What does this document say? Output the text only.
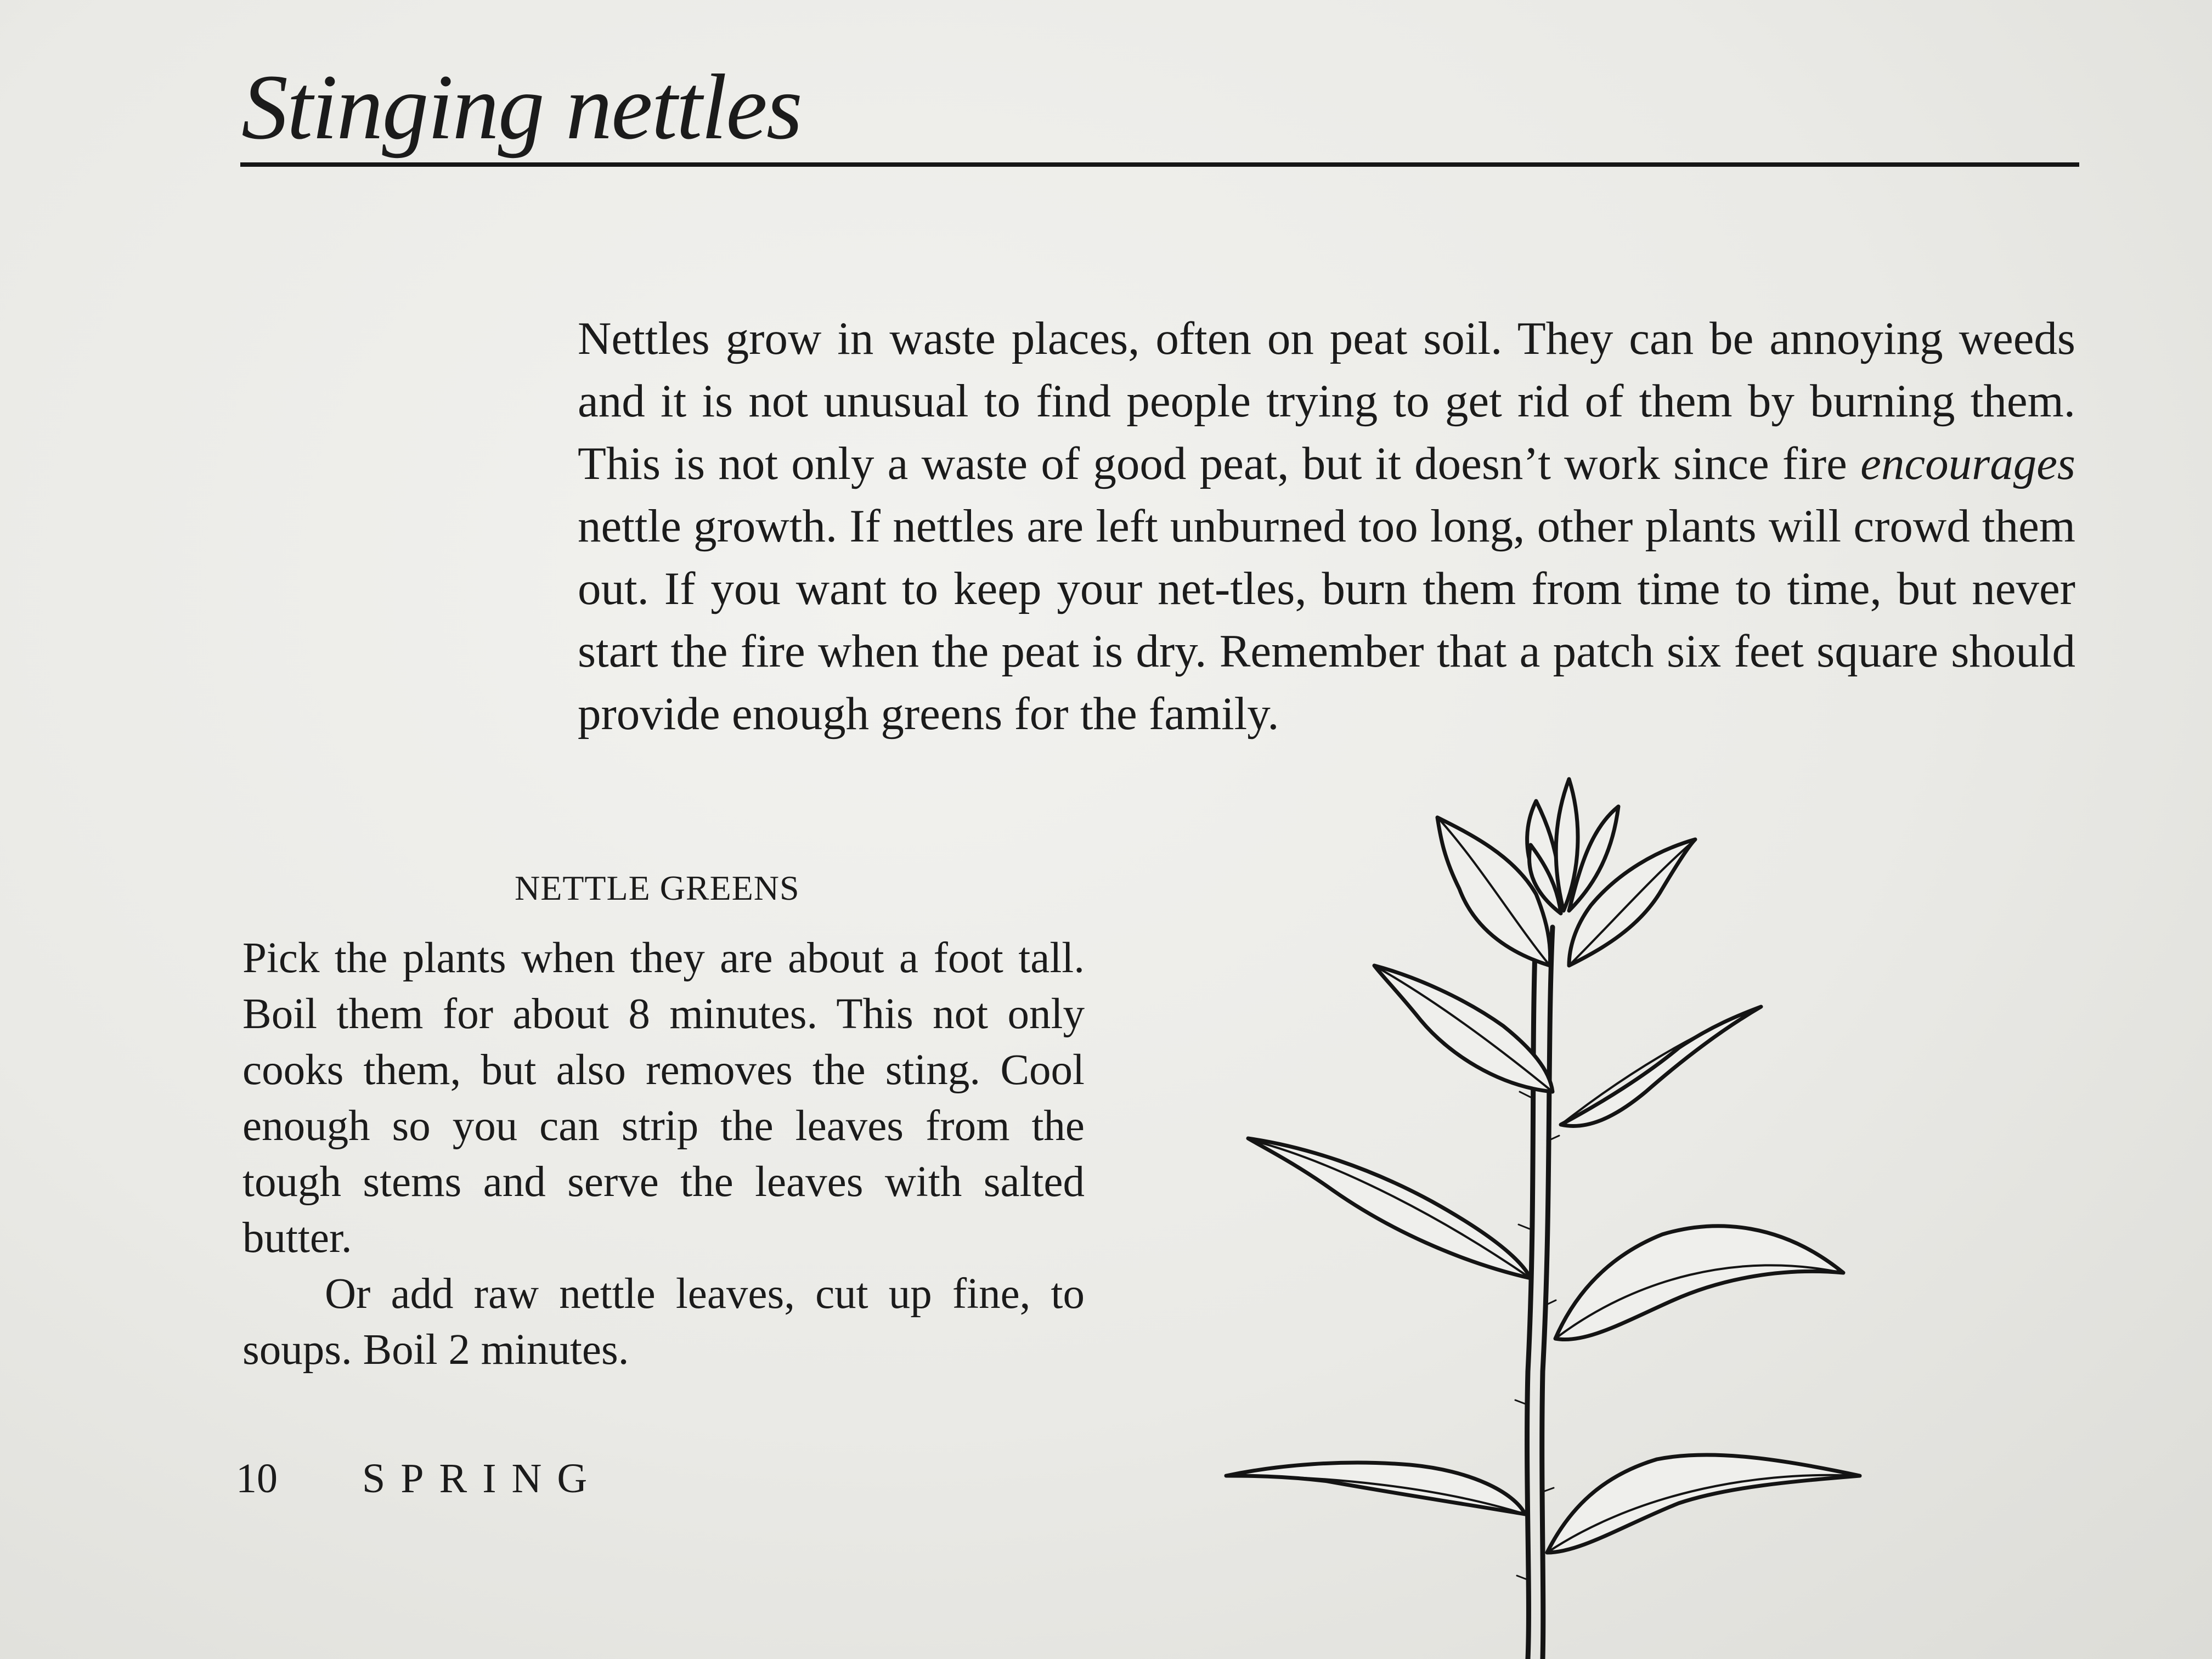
Stinging nettles

Nettles grow in waste places, often on peat soil. They can be annoying weeds and it is not unusual to find people trying to get rid of them by burning them. This is not only a waste of good peat, but it doesn’t work since fire encourages nettle growth. If nettles are left unburned too long, other plants will crowd them out. If you want to keep your net-tles, burn them from time to time, but never start the fire when the peat is dry. Remember that a patch six feet square should provide enough greens for the family.

NETTLE GREENS

Pick the plants when they are about a foot tall. Boil them for about 8 minutes. This not only cooks them, but also removes the sting. Cool enough so you can strip the leaves from the tough stems and serve the leaves with salted butter.

Or add raw nettle leaves, cut up fine, to soups. Boil 2 minutes.

10 SPRING
